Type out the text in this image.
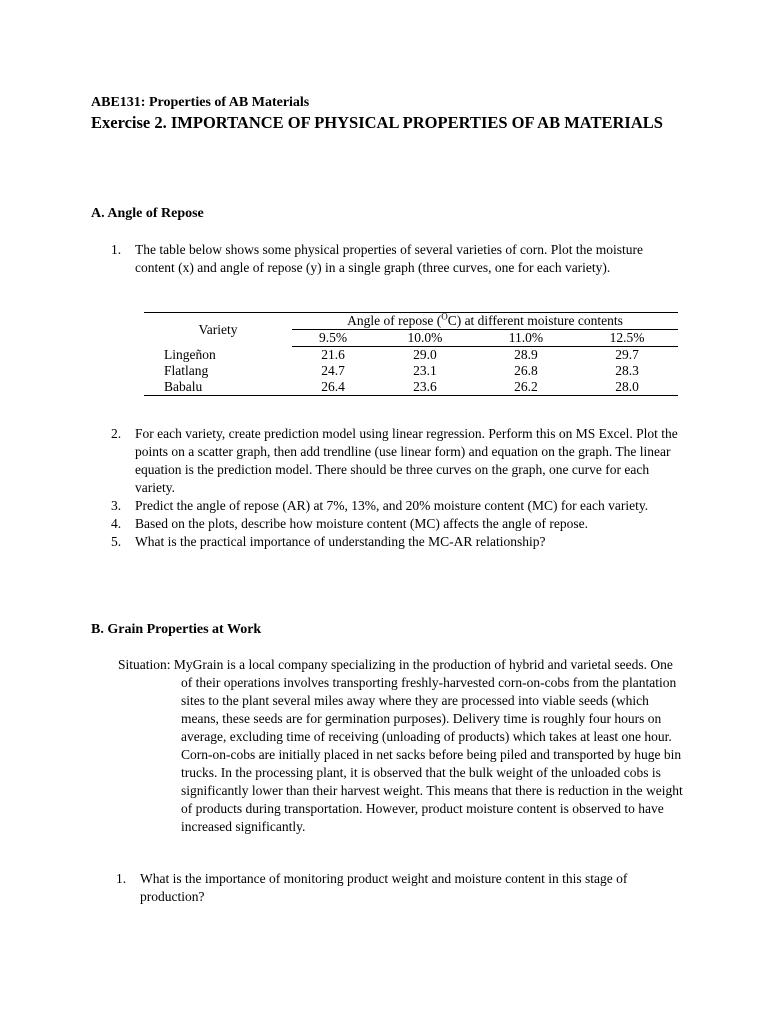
ABE131: Properties of AB Materials
Exercise 2. IMPORTANCE OF PHYSICAL PROPERTIES OF AB MATERIALS
A. Angle of Repose
1.	The table below shows some physical properties of several varieties of corn. Plot the moisture content (x) and angle of repose (y) in a single graph (three curves, one for each variety).
Variety	Angle of repose ($^O$C) at different moisture contents			
	9.5%	10.0%	11.0%	12.5%
Lingeñon	21.6	29.0	28.9	29.7
Flatlang	24.7	23.1	26.8	28.3
Babalu	26.4	23.6	26.2	28.0
2.	For each variety, create prediction model using linear regression. Perform this on MS Excel. Plot the points on a scatter graph, then add trendline (use linear form) and equation on the graph. The linear equation is the prediction model. There should be three curves on the graph, one curve for each variety.
3.	Predict the angle of repose (AR) at 7%, 13%, and 20% moisture content (MC) for each variety.
4.	Based on the plots, describe how moisture content (MC) affects the angle of repose.
5.	What is the practical importance of understanding the MC-AR relationship?
B. Grain Properties at Work
Situation: MyGrain is a local company specializing in the production of hybrid and varietal seeds. One of their operations involves transporting freshly-harvested corn-on-cobs from the plantation sites to the plant several miles away where they are processed into viable seeds (which means, these seeds are for germination purposes). Delivery time is roughly four hours on average, excluding time of receiving (unloading of products) which takes at least one hour. Corn-on-cobs are initially placed in net sacks before being piled and transported by huge bin trucks. In the processing plant, it is observed that the bulk weight of the unloaded cobs is significantly lower than their harvest weight. This means that there is reduction in the weight of products during transportation. However, product moisture content is observed to have increased significantly.
1.	What is the importance of monitoring product weight and moisture content in this stage of production?
